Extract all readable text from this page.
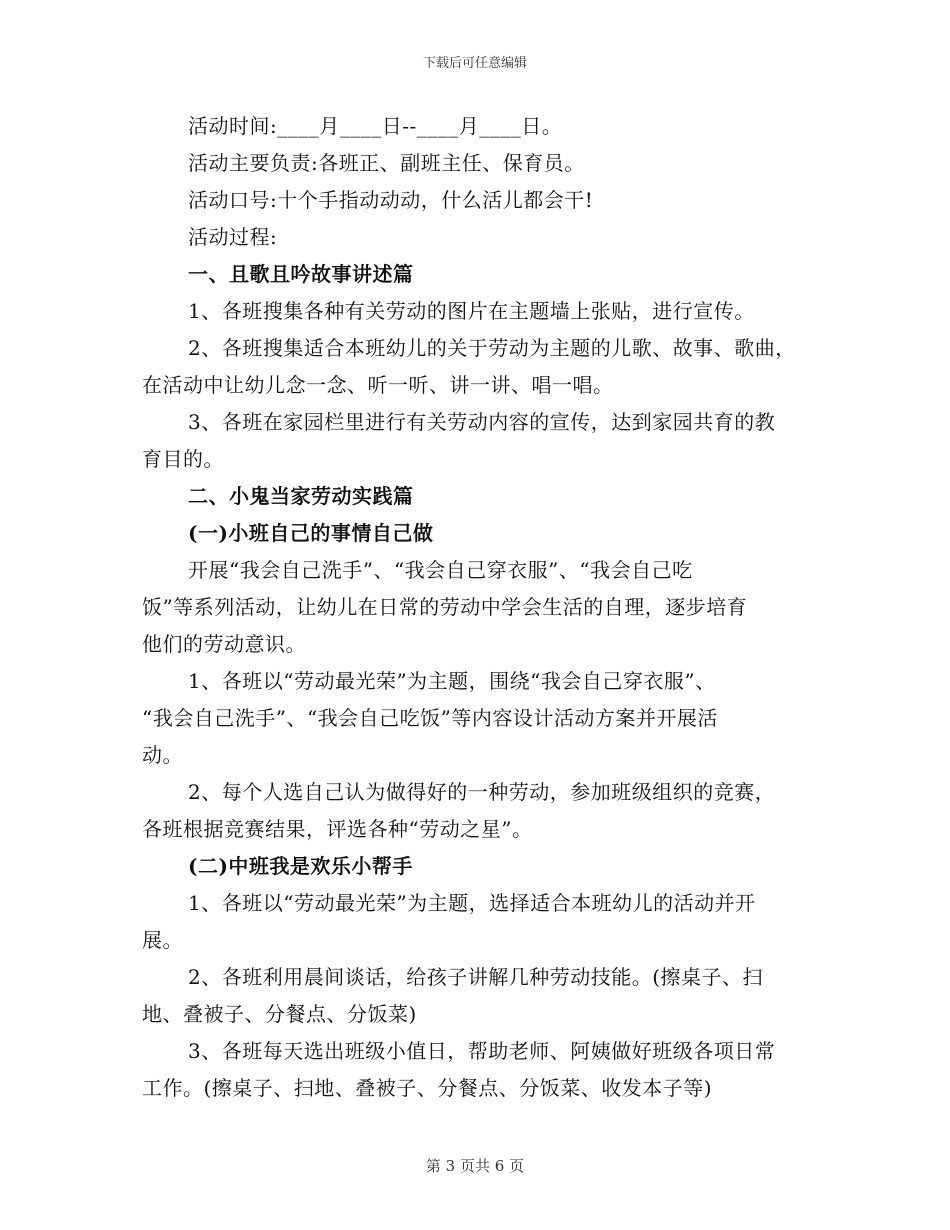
下载后可任意编辑
活动时间:____月____日--____月____日。
活动主要负责:各班正、副班主任、保育员。
活动口号:十个手指动动动，什么活儿都会干!
活动过程:
一、且歌且吟故事讲述篇
1、各班搜集各种有关劳动的图片在主题墙上张贴，进行宣传。
2、各班搜集适合本班幼儿的关于劳动为主题的儿歌、故事、歌曲，
在活动中让幼儿念一念、听一听、讲一讲、唱一唱。
3、各班在家园栏里进行有关劳动内容的宣传，达到家园共育的教
育目的。
二、小鬼当家劳动实践篇
(一)小班自己的事情自己做
开展“我会自己洗手”、“我会自己穿衣服”、“我会自己吃
饭”等系列活动，让幼儿在日常的劳动中学会生活的自理，逐步培育
他们的劳动意识。
1、各班以“劳动最光荣”为主题，围绕“我会自己穿衣服”、
“我会自己洗手”、“我会自己吃饭”等内容设计活动方案并开展活
动。
2、每个人选自己认为做得好的一种劳动，参加班级组织的竞赛，
各班根据竞赛结果，评选各种“劳动之星”。
(二)中班我是欢乐小帮手
1、各班以“劳动最光荣”为主题，选择适合本班幼儿的活动并开
展。
2、各班利用晨间谈话，给孩子讲解几种劳动技能。(擦桌子、扫
地、叠被子、分餐点、分饭菜)
3、各班每天选出班级小值日，帮助老师、阿姨做好班级各项日常
工作。(擦桌子、扫地、叠被子、分餐点、分饭菜、收发本子等)
第 3 页共 6 页
